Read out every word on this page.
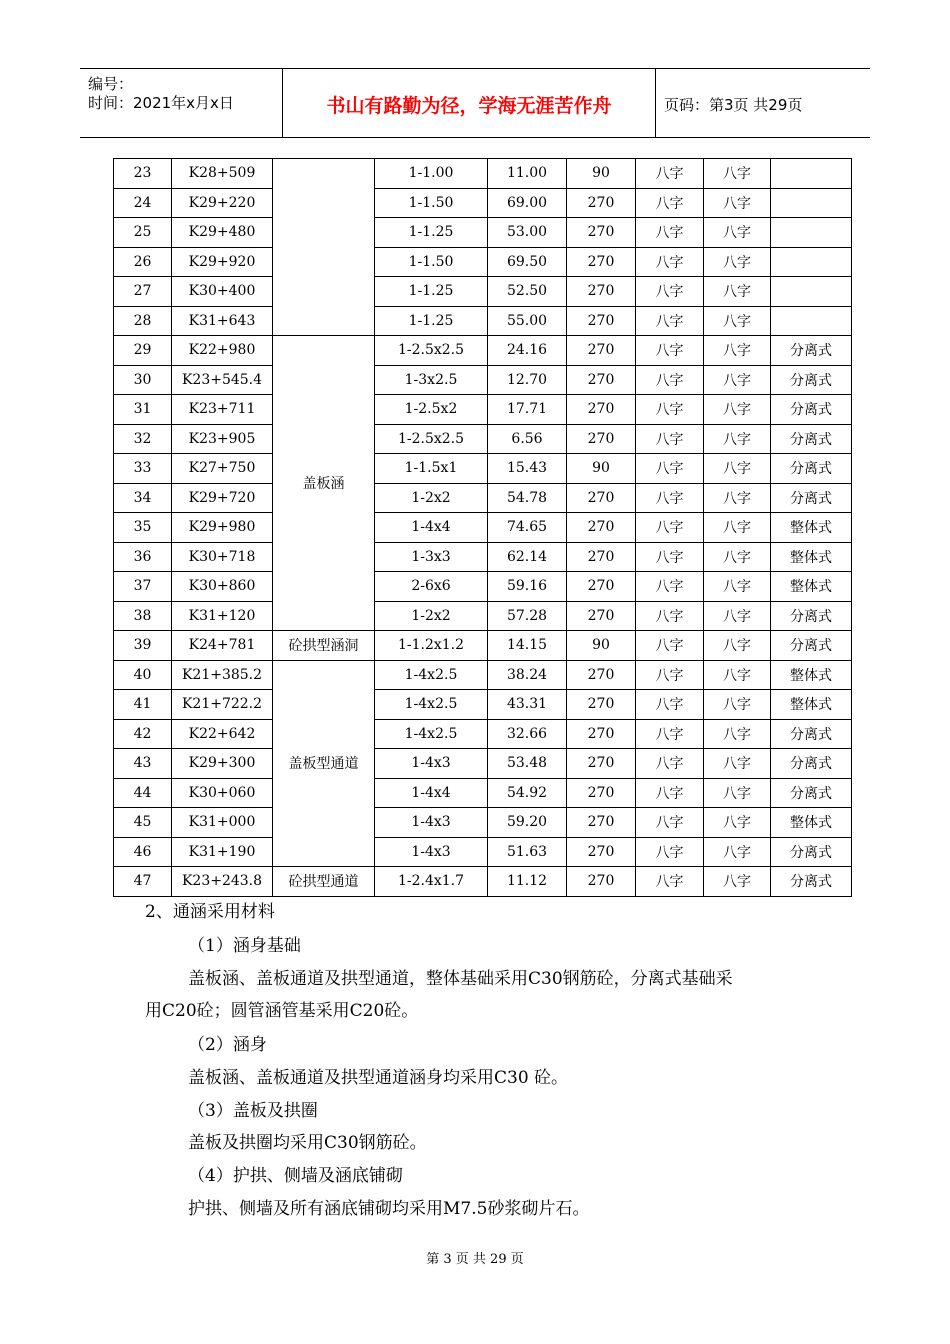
编号：
时间：2021年x月x日	书山有路勤为径，学海无涯苦作舟	页码：第3页 共29页
23	K28+509		1-1.00	11.00	90	八字	八字	
24	K29+220		1-1.50	69.00	270	八字	八字	
25	K29+480		1-1.25	53.00	270	八字	八字	
26	K29+920		1-1.50	69.50	270	八字	八字	
27	K30+400		1-1.25	52.50	270	八字	八字	
28	K31+643		1-1.25	55.00	270	八字	八字	
29	K22+980	盖板涵	1-2.5x2.5	24.16	270	八字	八字	分离式
30	K23+545.4		1-3x2.5	12.70	270	八字	八字	分离式
31	K23+711		1-2.5x2	17.71	270	八字	八字	分离式
32	K23+905		1-2.5x2.5	6.56	270	八字	八字	分离式
33	K27+750		1-1.5x1	15.43	90	八字	八字	分离式
34	K29+720		1-2x2	54.78	270	八字	八字	分离式
35	K29+980		1-4x4	74.65	270	八字	八字	整体式
36	K30+718		1-3x3	62.14	270	八字	八字	整体式
37	K30+860		2-6x6	59.16	270	八字	八字	整体式
38	K31+120		1-2x2	57.28	270	八字	八字	分离式
39	K24+781	砼拱型涵洞	1-1.2x1.2	14.15	90	八字	八字	分离式
40	K21+385.2	盖板型通道	1-4x2.5	38.24	270	八字	八字	整体式
41	K21+722.2		1-4x2.5	43.31	270	八字	八字	整体式
42	K22+642		1-4x2.5	32.66	270	八字	八字	分离式
43	K29+300		1-4x3	53.48	270	八字	八字	分离式
44	K30+060		1-4x4	54.92	270	八字	八字	分离式
45	K31+000		1-4x3	59.20	270	八字	八字	整体式
46	K31+190		1-4x3	51.63	270	八字	八字	分离式
47	K23+243.8	砼拱型通道	1-2.4x1.7	11.12	270	八字	八字	分离式
2、通涵采用材料
（1）涵身基础
盖板涵、盖板通道及拱型通道，整体基础采用C30钢筋砼，分离式基础采
用C20砼；圆管涵管基采用C20砼。
（2）涵身
盖板涵、盖板通道及拱型通道涵身均采用C30 砼。
（3）盖板及拱圈
盖板及拱圈均采用C30钢筋砼。
（4）护拱、侧墙及涵底铺砌
护拱、侧墙及所有涵底铺砌均采用M7.5砂浆砌片石。
第 3 页 共 29 页
